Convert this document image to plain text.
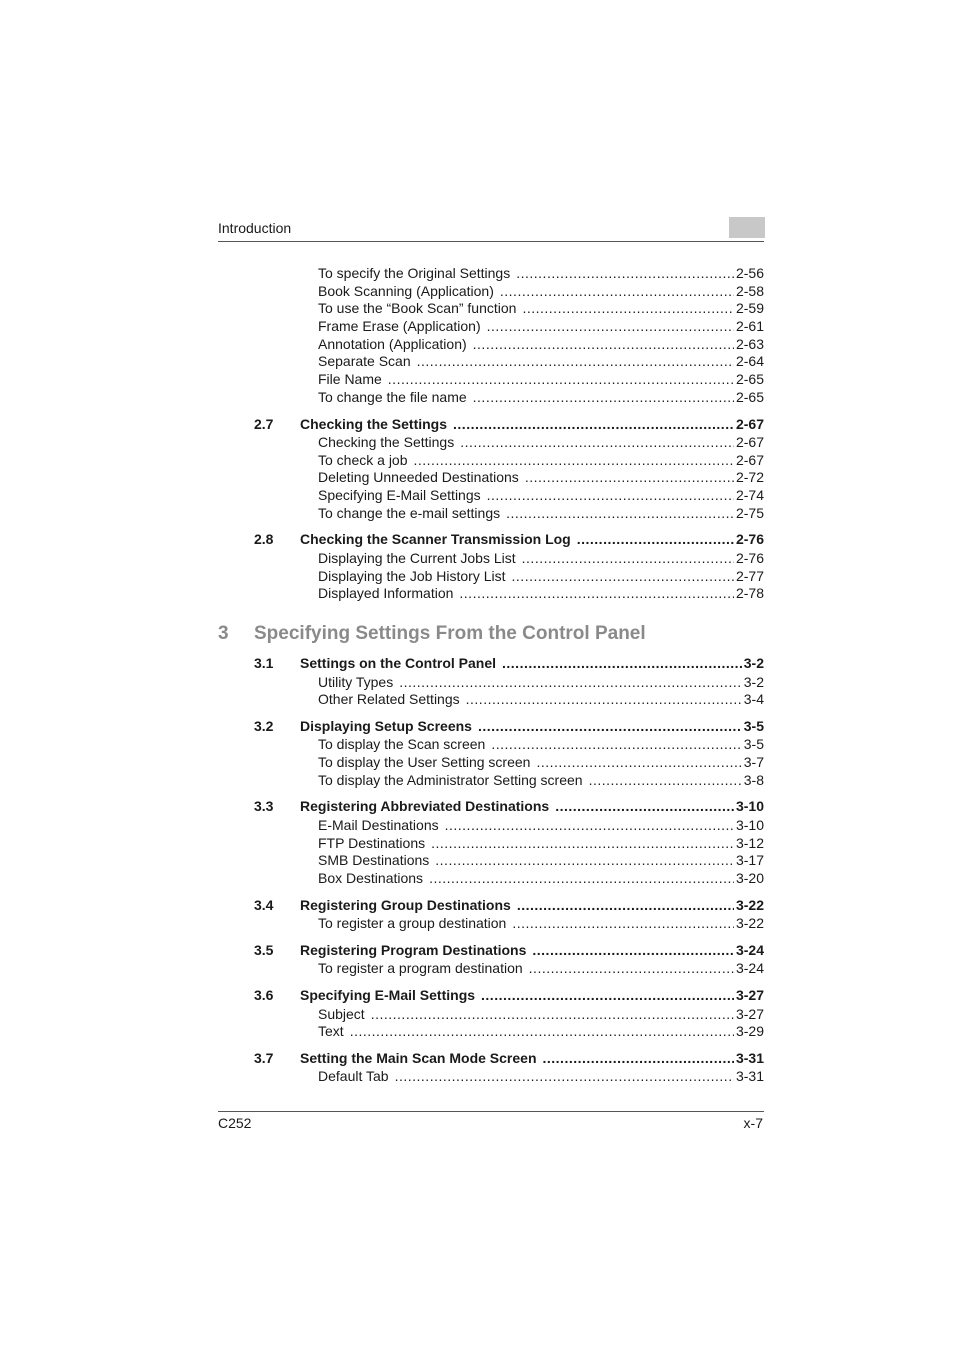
Introduction
To specify the Original Settings .....	2-56
Book Scanning (Application) .....	2-58
To use the “Book Scan” function .....	2-59
Frame Erase (Application) .....	2-61
Annotation (Application) .....	2-63
Separate Scan .....	2-64
File Name .....	2-65
To change the file name .....	2-65
2.7 Checking the Settings .....	2-67
Checking the Settings .....	2-67
To check a job .....	2-67
Deleting Unneeded Destinations .....	2-72
Specifying E-Mail Settings .....	2-74
To change the e-mail settings .....	2-75
2.8 Checking the Scanner Transmission Log .....	2-76
Displaying the Current Jobs List .....	2-76
Displaying the Job History List .....	2-77
Displayed Information .....	2-78
3 Specifying Settings From the Control Panel
3.1 Settings on the Control Panel .....	3-2
Utility Types .....	3-2
Other Related Settings .....	3-4
3.2 Displaying Setup Screens .....	3-5
To display the Scan screen .....	3-5
To display the User Setting screen .....	3-7
To display the Administrator Setting screen .....	3-8
3.3 Registering Abbreviated Destinations .....	3-10
E-Mail Destinations .....	3-10
FTP Destinations .....	3-12
SMB Destinations .....	3-17
Box Destinations .....	3-20
3.4 Registering Group Destinations .....	3-22
To register a group destination .....	3-22
3.5 Registering Program Destinations .....	3-24
To register a program destination .....	3-24
3.6 Specifying E-Mail Settings .....	3-27
Subject .....	3-27
Text .....	3-29
3.7 Setting the Main Scan Mode Screen .....	3-31
Default Tab .....	3-31
C252	x-7
